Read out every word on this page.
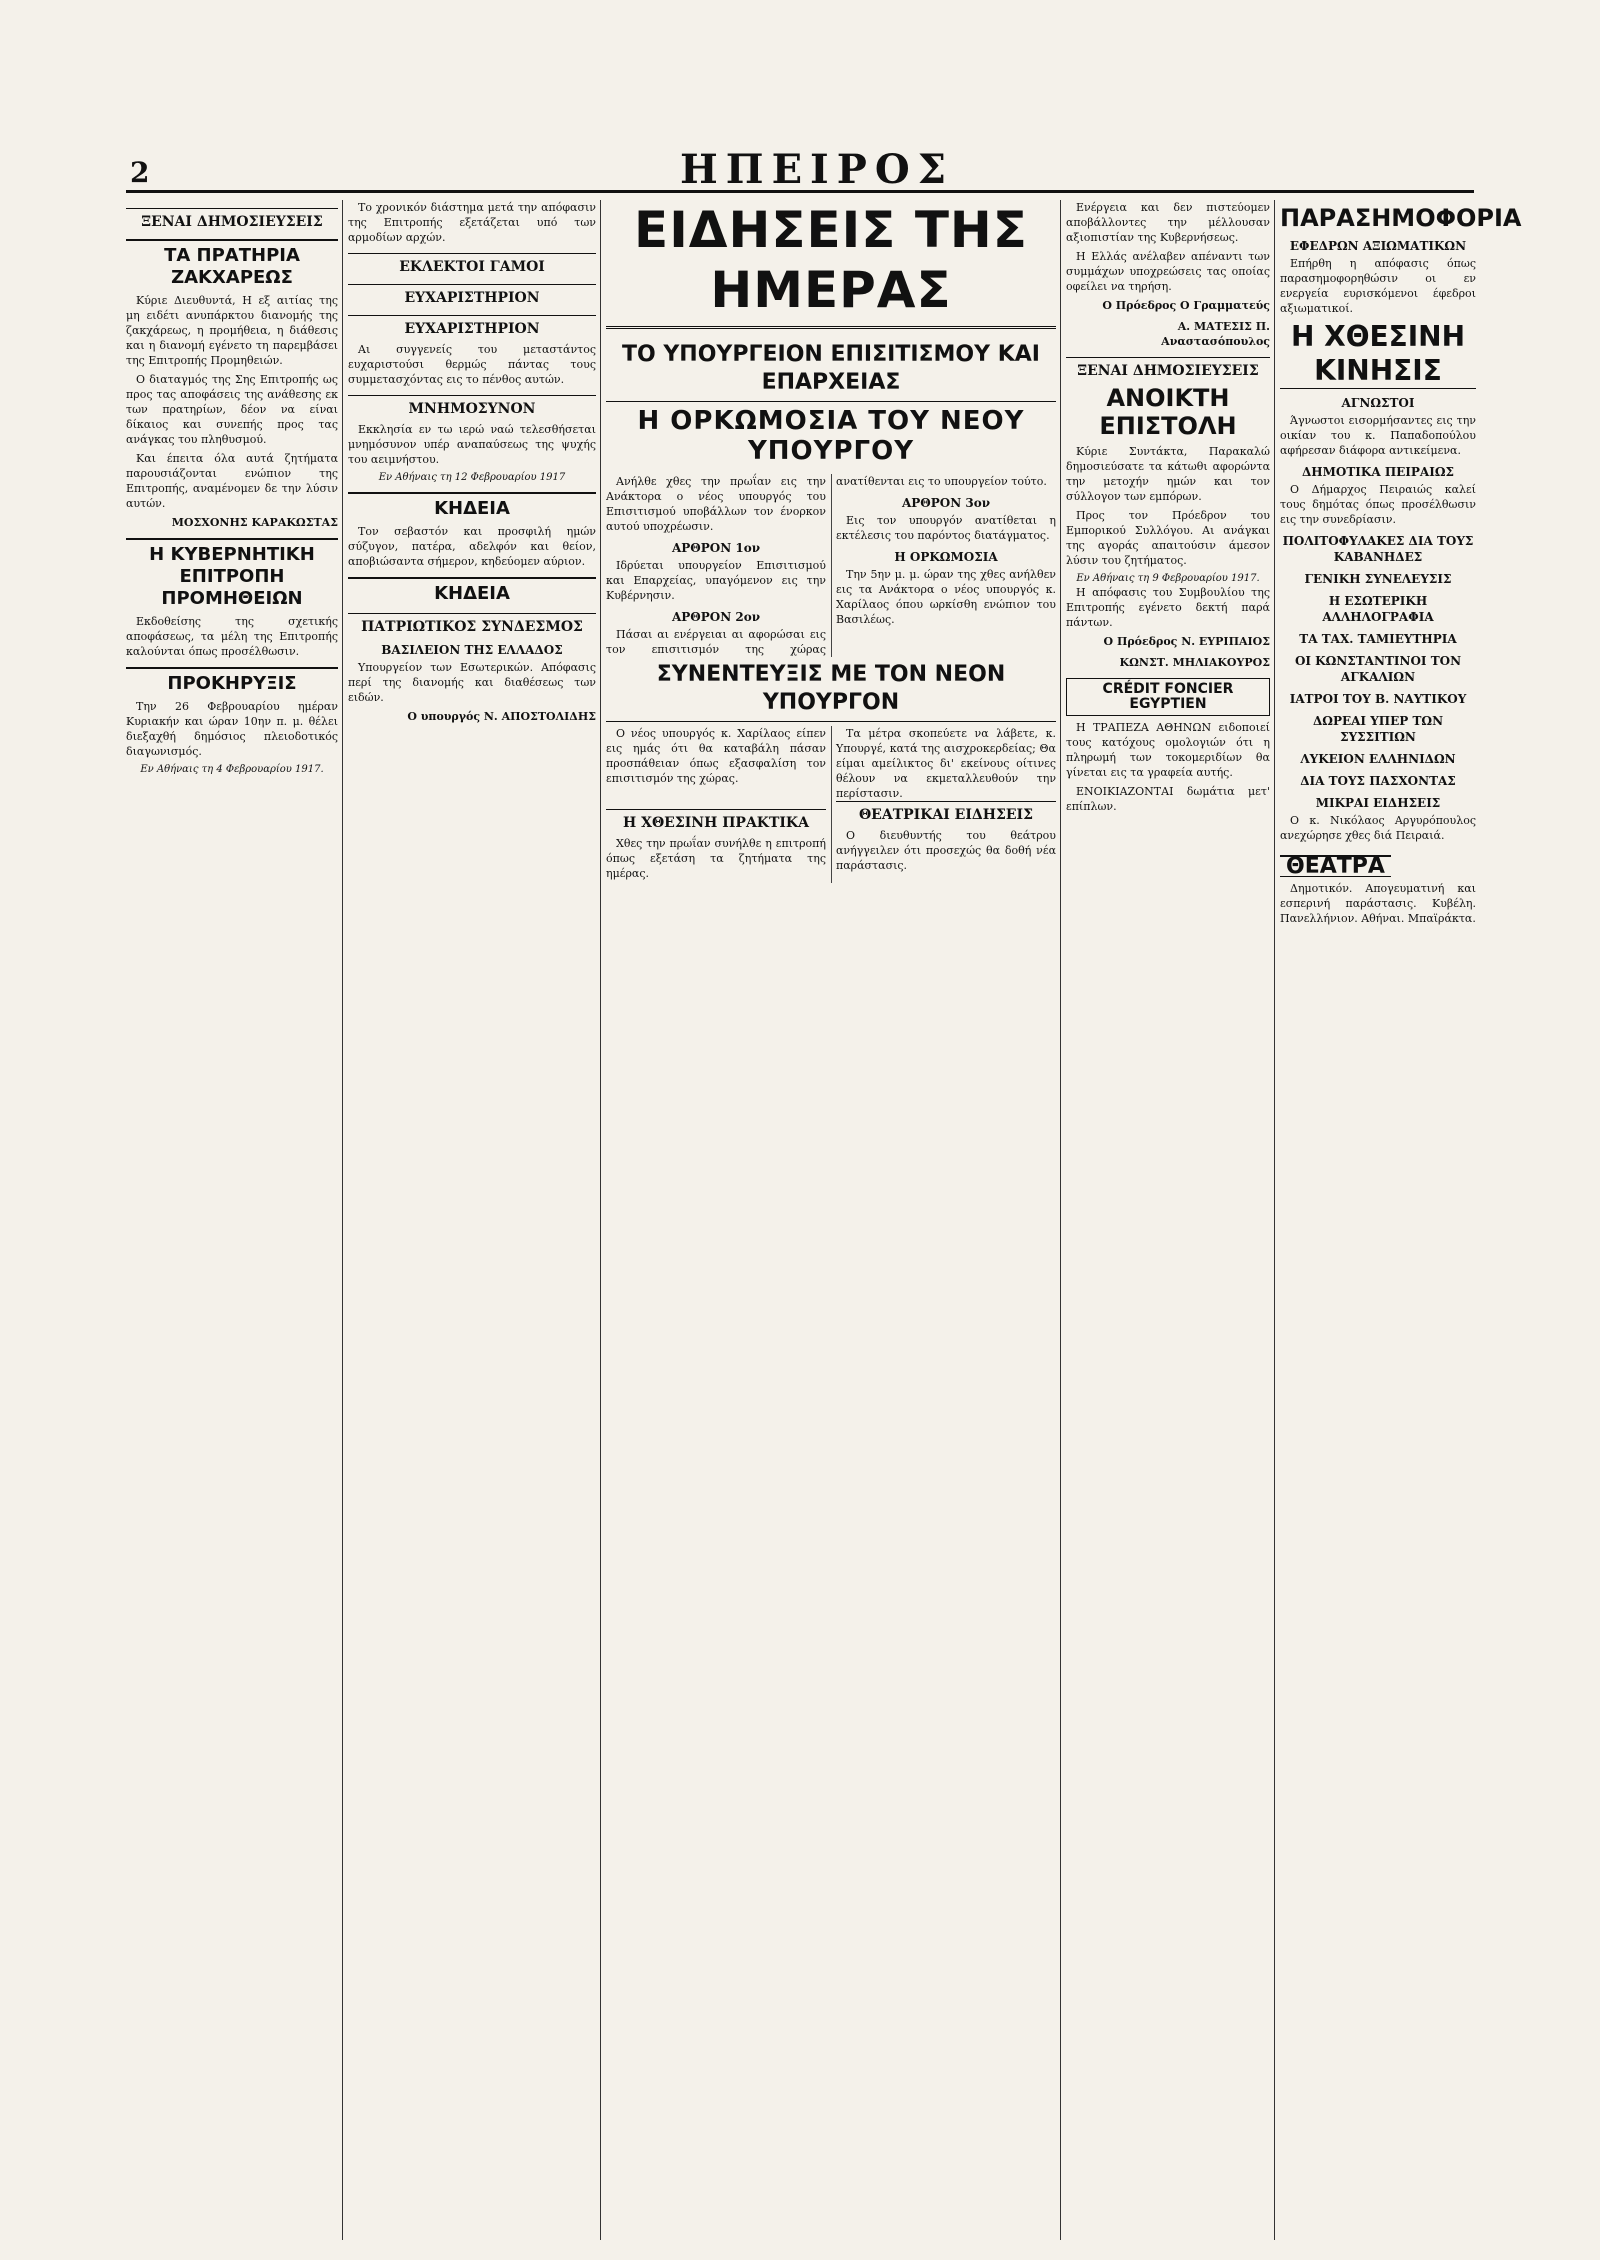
2	ΗΠΕΙΡΟΣ
ΞΕΝΑΙ ΔΗΜΟΣΙΕΥΣΕΙΣ
ΤΑ ΠΡΑΤΗΡΙΑ ΖΑΚΧΑΡΕΩΣ

Κύριε Διευθυντά, Η εξ αιτίας της μη ειδέτι ανυπάρκτου διανομής της ζακχάρεως, η προμήθεια, η διάθεσις και η διανομή εγένετο τη παρεμβάσει της Επιτροπής Προμηθειών.

Ο διαταγμός της Σης Επιτροπής ως προς τας αποφάσεις της ανάθεσης εκ των πρατηρίων, δέον να είναι δίκαιος και συνεπής προς τας ανάγκας του πληθυσμού.

Και έπειτα όλα αυτά ζητήματα παρουσιάζονται ενώπιον της Επιτροπής, αναμένομεν δε την λύσιν αυτών.

ΜΟΣΧΟΝΗΣ ΚΑΡΑΚΩΣΤΑΣ
Η ΚΥΒΕΡΝΗΤΙΚΗ ΕΠΙΤΡΟΠΗ ΠΡΟΜΗΘΕΙΩΝ

Εκδοθείσης της σχετικής αποφάσεως, τα μέλη της Επιτροπής καλούνται όπως προσέλθωσιν.

ΠΡΟΚΗΡΥΞΙΣ

Την 26 Φεβρουαρίου ημέραν Κυριακήν και ώραν 10ην π. μ. θέλει διεξαχθή δημόσιος πλειοδοτικός διαγωνισμός.

Εν Αθήναις τη 4 Φεβρουαρίου 1917.

Το χρονικόν διάστημα μετά την απόφασιν της Επιτροπής εξετάζεται υπό των αρμοδίων αρχών.

ΕΚΛΕΚΤΟΙ ΓΑΜΟΙ
ΕΥΧΑΡΙΣΤΗΡΙΟΝ
ΕΥΧΑΡΙΣΤΗΡΙΟΝ

Αι συγγενείς του μεταστάντος ευχαριστούσι θερμώς πάντας τους συμμετασχόντας εις το πένθος αυτών.

ΜΝΗΜΟΣΥΝΟΝ

Εκκλησία εν τω ιερώ ναώ τελεσθήσεται μνημόσυνον υπέρ αναπαύσεως της ψυχής του αειμνήστου.

Εν Αθήναις τη 12 Φεβρουαρίου 1917
ΚΗΔΕΙΑ

Τον σεβαστόν και προσφιλή ημών σύζυγον, πατέρα, αδελφόν και θείον, αποβιώσαντα σήμερον, κηδεύομεν αύριον.

ΚΗΔΕΙΑ
ΠΑΤΡΙΩΤΙΚΟΣ ΣΥΝΔΕΣΜΟΣ
ΒΑΣΙΛΕΙΟΝ ΤΗΣ ΕΛΛΑΔΟΣ

Υπουργείον των Εσωτερικών. Απόφασις περί της διανομής και διαθέσεως των ειδών.

Ο υπουργός Ν. ΑΠΟΣΤΟΛΙΔΗΣ
ΕΙΔΗΣΕΙΣ ΤΗΣ ΗΜΕΡΑΣ
ΤΟ ΥΠΟΥΡΓΕΙΟΝ ΕΠΙΣΙΤΙΣΜΟΥ ΚΑΙ ΕΠΑΡΧΕΙΑΣ
Η ΟΡΚΩΜΟΣΙΑ ΤΟΥ ΝΕΟΥ ΥΠΟΥΡΓΟΥ

Ανήλθε χθες την πρωΐαν εις την Ανάκτορα ο νέος υπουργός του Επισιτισμού υποβάλλων τον ένορκον αυτού υποχρέωσιν.

ΑΡΘΡΟΝ 1ον

Ιδρύεται υπουργείον Επισιτισμού και Επαρχείας, υπαγόμενον εις την Κυβέρνησιν.

ΑΡΘΡΟΝ 2ον

Πάσαι αι ενέργειαι αι αφορώσαι εις τον επισιτισμόν της χώρας ανατίθενται εις το υπουργείον τούτο.

ΑΡΘΡΟΝ 3ον

Εις τον υπουργόν ανατίθεται η εκτέλεσις του παρόντος διατάγματος.

Η ΟΡΚΩΜΟΣΙΑ

Την 5ην μ. μ. ώραν της χθες ανήλθεν εις τα Ανάκτορα ο νέος υπουργός κ. Χαρίλαος όπου ωρκίσθη ενώπιον του Βασιλέως.

ΣΥΝΕΝΤΕΥΞΙΣ ΜΕ ΤΟΝ ΝΕΟΝ ΥΠΟΥΡΓΟΝ

Ο νέος υπουργός κ. Χαρίλαος είπεν εις ημάς ότι θα καταβάλη πάσαν προσπάθειαν όπως εξασφαλίση τον επισιτισμόν της χώρας.

Τα μέτρα σκοπεύετε να λάβετε, κ. Υπουργέ, κατά της αισχροκερδείας; Θα είμαι αμείλικτος δι' εκείνους οίτινες θέλουν να εκμεταλλευθούν την περίστασιν.

Η ΧΘΕΣΙΝΗ ΠΡΑΚΤΙΚΑ

Χθες την πρωΐαν συνήλθε η επιτροπή όπως εξετάση τα ζητήματα της ημέρας.

ΘΕΑΤΡΙΚΑΙ ΕΙΔΗΣΕΙΣ

Ο διευθυντής του θεάτρου ανήγγειλεν ότι προσεχώς θα δοθή νέα παράστασις.

Ενέργεια και δεν πιστεύομεν αποβάλλοντες την μέλλουσαν αξιοπιστίαν της Κυβερνήσεως.

Η Ελλάς ανέλαβεν απέναντι των συμμάχων υποχρεώσεις τας οποίας οφείλει να τηρήση.

Ο Πρόεδρος Ο Γραμματεύς
Α. ΜΑΤΕΣΙΣ Π. Αναστασόπουλος
ΞΕΝΑΙ ΔΗΜΟΣΙΕΥΣΕΙΣ
ΑΝΟΙΚΤΗ ΕΠΙΣΤΟΛΗ

Κύριε Συντάκτα, Παρακαλώ δημοσιεύσατε τα κάτωθι αφορώντα την μετοχήν ημών και τον σύλλογον των εμπόρων.

Προς τον Πρόεδρον του Εμπορικού Συλλόγου. Αι ανάγκαι της αγοράς απαιτούσιν άμεσον λύσιν του ζητήματος.

Εν Αθήναις τη 9 Φεβρουαρίου 1917.

Η απόφασις του Συμβουλίου της Επιτροπής εγένετο δεκτή παρά πάντων.

Ο Πρόεδρος Ν. ΕΥΡΙΠΑΙΟΣ
ΚΩΝΣΤ. ΜΗΛΙΑΚΟΥΡΟΣ
CRÉDIT FONCIER EGYPTIEN

Η ΤΡΑΠΕΖΑ ΑΘΗΝΩΝ ειδοποιεί τους κατόχους ομολογιών ότι η πληρωμή των τοκομεριδίων θα γίνεται εις τα γραφεία αυτής.

ΕΝΟΙΚΙΑΖΟΝΤΑΙ δωμάτια μετ' επίπλων.

ΠΑΡΑΣΗΜΟΦΟΡΙΑ
ΕΦΕΔΡΩΝ ΑΞΙΩΜΑΤΙΚΩΝ

Επήρθη η απόφασις όπως παρασημοφορηθώσιν οι εν ενεργεία ευρισκόμενοι έφεδροι αξιωματικοί.

Η ΧΘΕΣΙΝΗ
ΚΙΝΗΣΙΣ
ΑΓΝΩΣΤΟΙ

Άγνωστοι εισορμήσαντες εις την οικίαν του κ. Παπαδοπούλου αφήρεσαν διάφορα αντικείμενα.

ΔΗΜΟΤΙΚΑ ΠΕΙΡΑΙΩΣ

Ο Δήμαρχος Πειραιώς καλεί τους δημότας όπως προσέλθωσιν εις την συνεδρίασιν.

ΠΟΛΙΤΟΦΥΛΑΚΕΣ ΔΙΑ ΤΟΥΣ ΚΑΒΑΝΗΔΕΣ
ΓΕΝΙΚΗ ΣΥΝΕΛΕΥΣΙΣ
Η ΕΣΩΤΕΡΙΚΗ ΑΛΛΗΛΟΓΡΑΦΙΑ
ΤΑ ΤΑΧ. ΤΑΜΙΕΥΤΗΡΙΑ
ΟΙ ΚΩΝΣΤΑΝΤΙΝΟΙ ΤΟΝ ΑΓΚΑΛΙΩΝ
ΙΑΤΡΟΙ ΤΟΥ Β. ΝΑΥΤΙΚΟΥ
ΔΩΡΕΑΙ ΥΠΕΡ ΤΩΝ ΣΥΣΣΙΤΙΩΝ
ΛΥΚΕΙΟΝ ΕΛΛΗΝΙΔΩΝ
ΔΙΑ ΤΟΥΣ ΠΑΣΧΟΝΤΑΣ
ΜΙΚΡΑΙ ΕΙΔΗΣΕΙΣ

Ο κ. Νικόλαος Αργυρόπουλος ανεχώρησε χθες διά Πειραιά.

ΘΕΑΤΡΑ

Δημοτικόν. Απογευματινή και εσπερινή παράστασις. Κυβέλη. Πανελλήνιον. Αθήναι. Μπαϊράκτα.
